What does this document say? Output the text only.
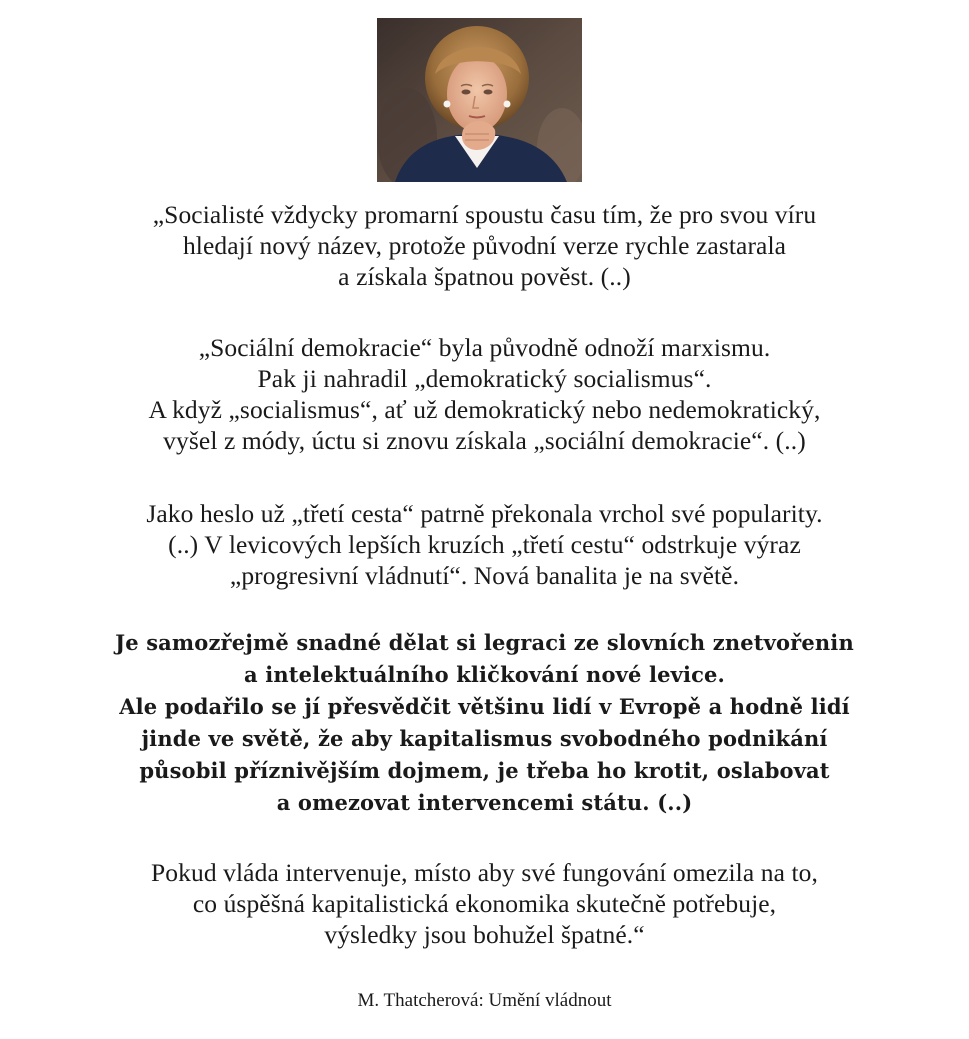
„Socialisté vždycky promarní spoustu času tím, že pro svou víru
hledají nový název, protože původní verze rychle zastarala
a získala špatnou pověst. (..)
„Sociální demokracie“ byla původně odnoží marxismu.
Pak ji nahradil „demokratický socialismus“.
A když „socialismus“, ať už demokratický nebo nedemokratický,
vyšel z módy, úctu si znovu získala „sociální demokracie“. (..)
Jako heslo už „třetí cesta“ patrně překonala vrchol své popularity.
(..) V levicových lepších kruzích „třetí cestu“ odstrkuje výraz
„progresivní vládnutí“. Nová banalita je na světě.
Je samozřejmě snadné dělat si legraci ze slovních znetvořenin
a intelektuálního kličkování nové levice.
Ale podařilo se jí přesvědčit většinu lidí v Evropě a hodně lidí
jinde ve světě, že aby kapitalismus svobodného podnikání
působil příznivějším dojmem, je třeba ho krotit, oslabovat
a omezovat intervencemi státu. (..)
Pokud vláda intervenuje, místo aby své fungování omezila na to,
co úspěšná kapitalistická ekonomika skutečně potřebuje,
výsledky jsou bohužel špatné.“
M. Thatcherová: Umění vládnout
